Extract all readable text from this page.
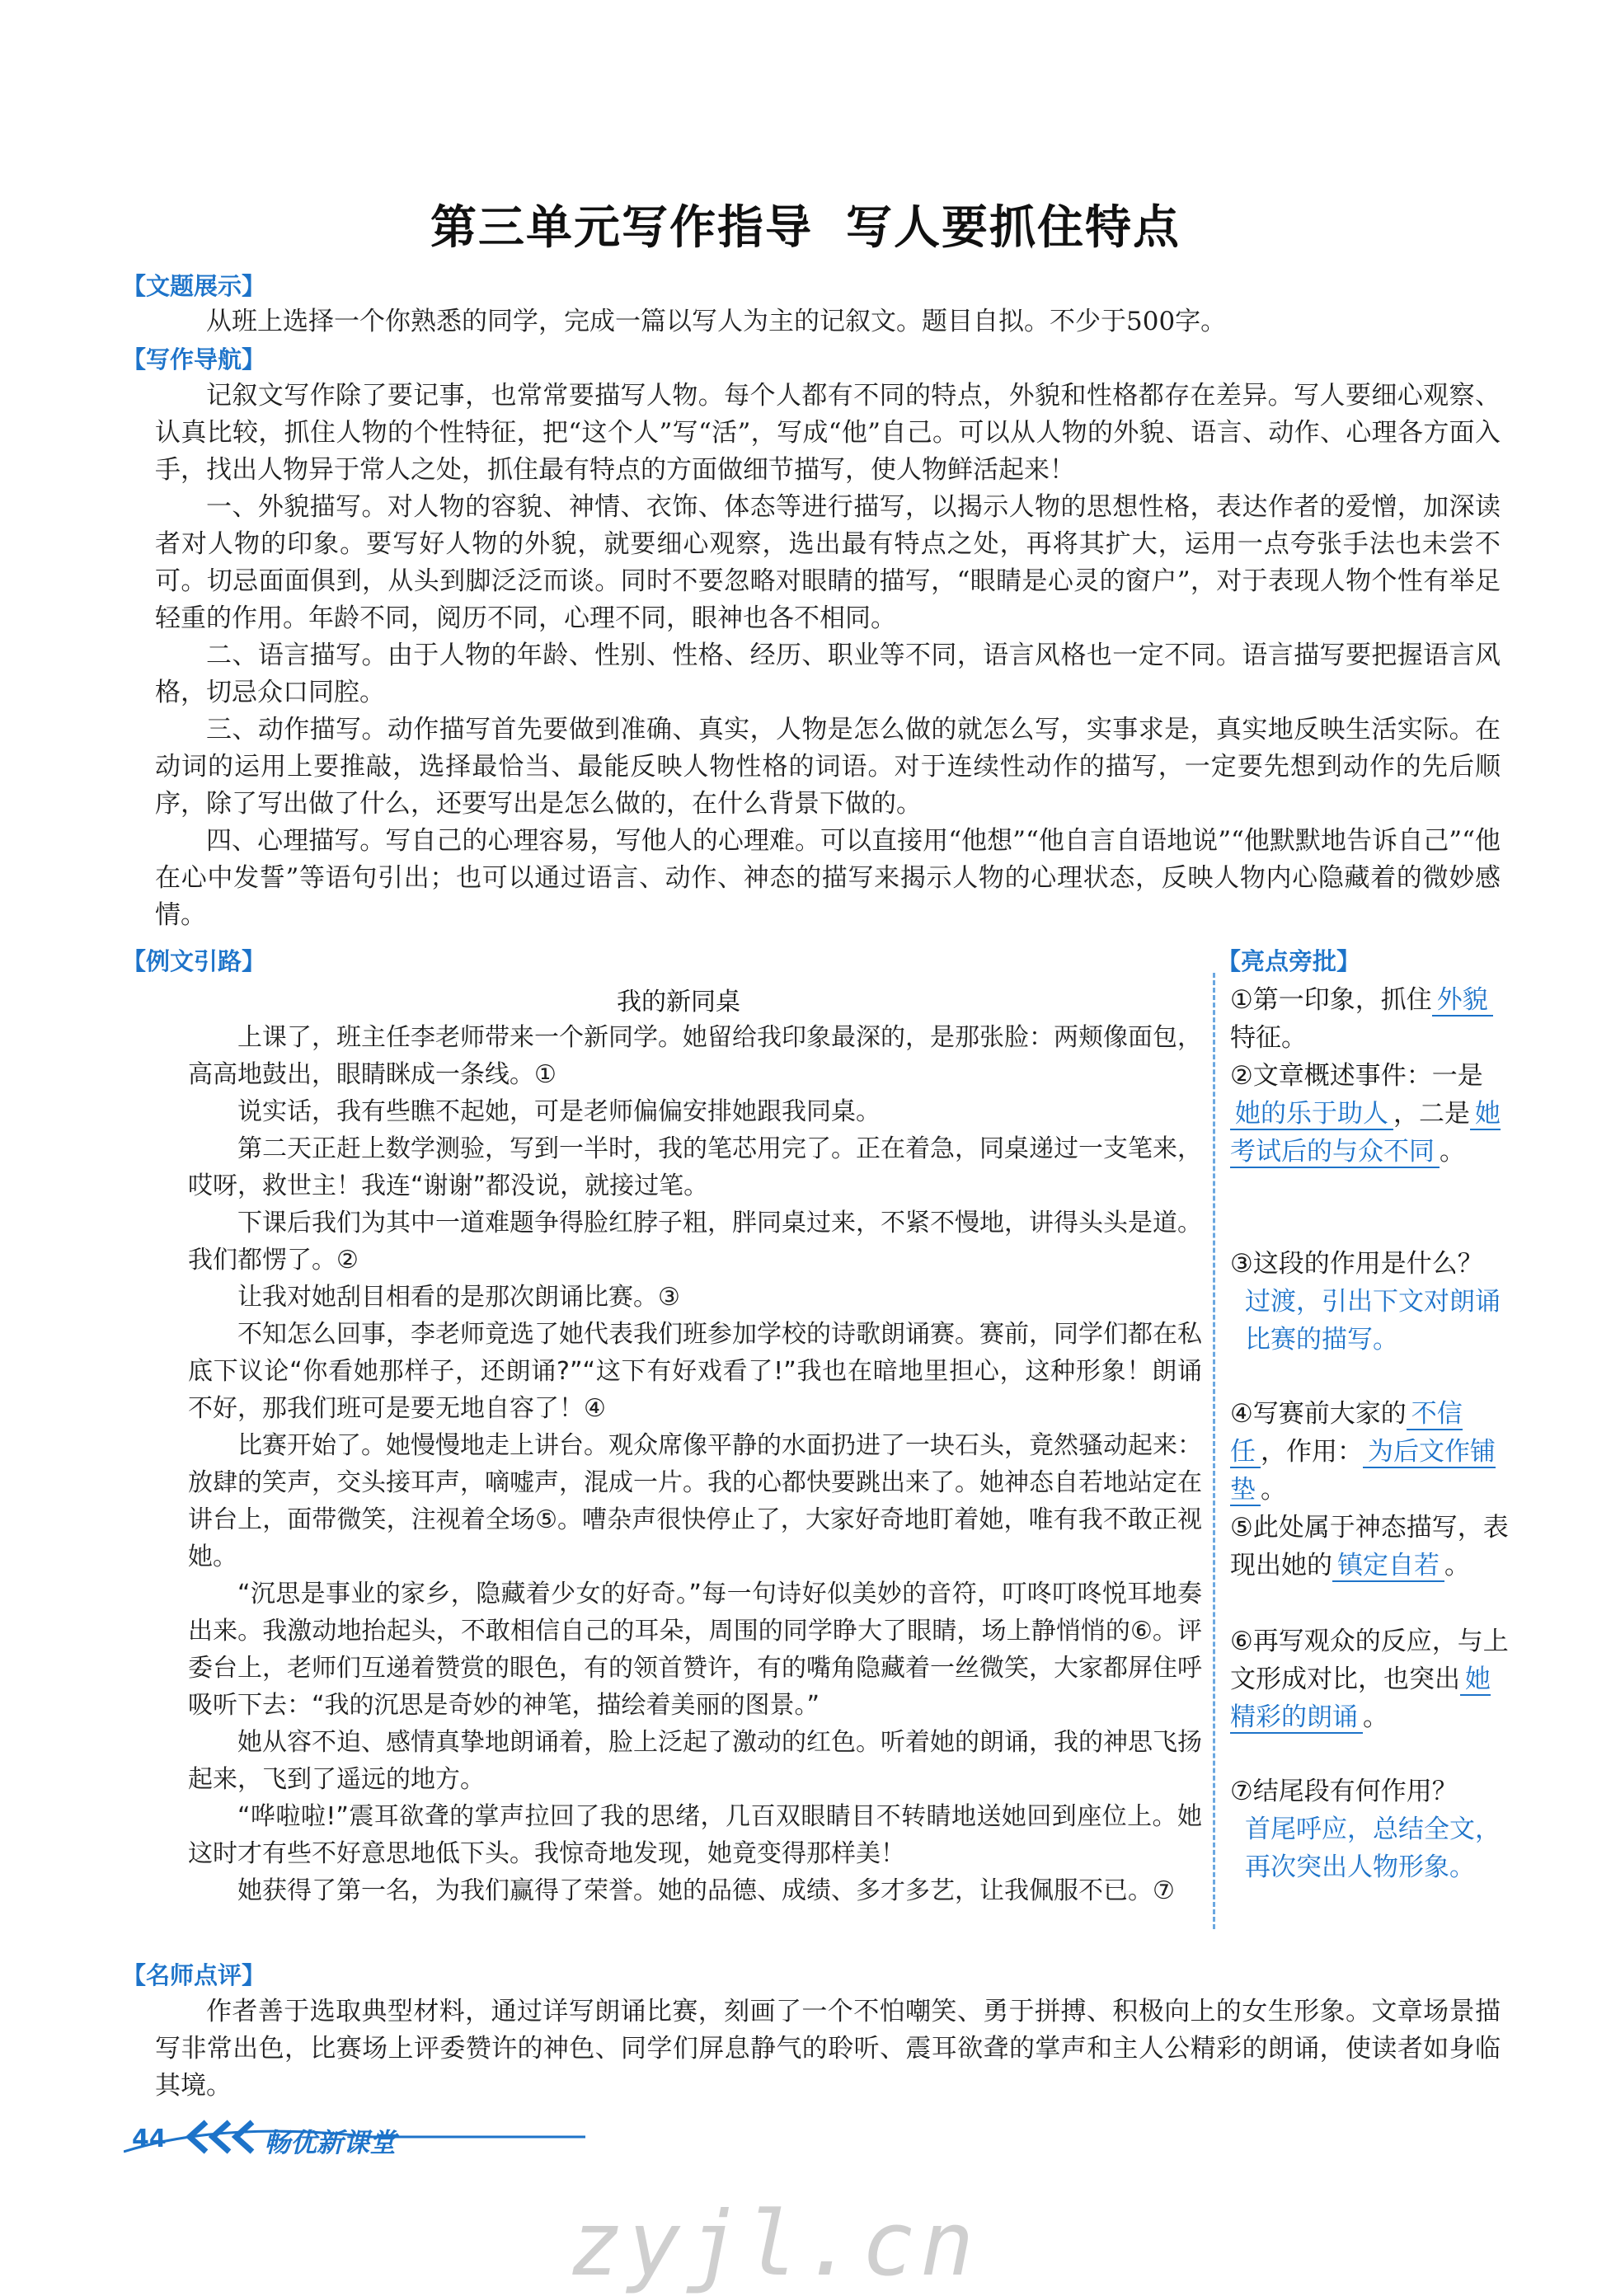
第三单元写作指导 写人要抓住特点
【文题展示】

从班上选择一个你熟悉的同学，完成一篇以写人为主的记叙文。题目自拟。不少于500字。

【写作导航】

记叙文写作除了要记事，也常常要描写人物。每个人都有不同的特点，外貌和性格都存在差异。写人要细心观察、认真比较，抓住人物的个性特征，把“这个人”写“活”，写成“他”自己。可以从人物的外貌、语言、动作、心理各方面入手，找出人物异于常人之处，抓住最有特点的方面做细节描写，使人物鲜活起来！

一、外貌描写。对人物的容貌、神情、衣饰、体态等进行描写，以揭示人物的思想性格，表达作者的爱憎，加深读者对人物的印象。要写好人物的外貌，就要细心观察，选出最有特点之处，再将其扩大，运用一点夸张手法也未尝不可。切忌面面俱到，从头到脚泛泛而谈。同时不要忽略对眼睛的描写，“眼睛是心灵的窗户”，对于表现人物个性有举足轻重的作用。年龄不同，阅历不同，心理不同，眼神也各不相同。

二、语言描写。由于人物的年龄、性别、性格、经历、职业等不同，语言风格也一定不同。语言描写要把握语言风格，切忌众口同腔。

三、动作描写。动作描写首先要做到准确、真实，人物是怎么做的就怎么写，实事求是，真实地反映生活实际。在动词的运用上要推敲，选择最恰当、最能反映人物性格的词语。对于连续性动作的描写，一定要先想到动作的先后顺序，除了写出做了什么，还要写出是怎么做的，在什么背景下做的。

四、心理描写。写自己的心理容易，写他人的心理难。可以直接用“他想”“他自言自语地说”“他默默地告诉自己”“他在心中发誓”等语句引出；也可以通过语言、动作、神态的描写来揭示人物的心理状态，反映人物内心隐藏着的微妙感情。

【例文引路】	【亮点旁批】
我的新同桌

上课了，班主任李老师带来一个新同学。她留给我印象最深的，是那张脸：两颊像面包，高高地鼓出，眼睛眯成一条线。①

说实话，我有些瞧不起她，可是老师偏偏安排她跟我同桌。

第二天正赶上数学测验，写到一半时，我的笔芯用完了。正在着急，同桌递过一支笔来，哎呀，救世主！我连“谢谢”都没说，就接过笔。

下课后我们为其中一道难题争得脸红脖子粗，胖同桌过来，不紧不慢地，讲得头头是道。我们都愣了。②

让我对她刮目相看的是那次朗诵比赛。③

不知怎么回事，李老师竟选了她代表我们班参加学校的诗歌朗诵赛。赛前，同学们都在私底下议论“你看她那样子，还朗诵?”“这下有好戏看了!”我也在暗地里担心，这种形象！朗诵不好，那我们班可是要无地自容了！④

比赛开始了。她慢慢地走上讲台。观众席像平静的水面扔进了一块石头，竟然骚动起来：放肆的笑声，交头接耳声，嘀嘘声，混成一片。我的心都快要跳出来了。她神态自若地站定在讲台上，面带微笑，注视着全场⑤。嘈杂声很快停止了，大家好奇地盯着她，唯有我不敢正视她。

“沉思是事业的家乡，隐藏着少女的好奇。”每一句诗好似美妙的音符，叮咚叮咚悦耳地奏出来。我激动地抬起头，不敢相信自己的耳朵，周围的同学睁大了眼睛，场上静悄悄的⑥。评委台上，老师们互递着赞赏的眼色，有的领首赞许，有的嘴角隐藏着一丝微笑，大家都屏住呼吸听下去：“我的沉思是奇妙的神笔，描绘着美丽的图景。”

她从容不迫、感情真挚地朗诵着，脸上泛起了激动的红色。听着她的朗诵，我的神思飞扬起来，飞到了遥远的地方。

“哗啦啦!”震耳欲聋的掌声拉回了我的思绪，几百双眼睛目不转睛地送她回到座位上。她这时才有些不好意思地低下头。我惊奇地发现，她竟变得那样美！

她获得了第一名，为我们赢得了荣誉。她的品德、成绩、多才多艺，让我佩服不已。⑦

①第一印象，抓住 外貌特征。
②文章概述事件：一是她的乐于助人 ，二是 她考试后的与众不同 。
③这段的作用是什么？
过渡，引出下文对朗诵比赛的描写。
④写赛前大家的 不信任 ，作用： 为后文作铺垫 。
⑤此处属于神态描写，表现出她的 镇定自若 。
⑥再写观众的反应，与上文形成对比，也突出 她精彩的朗诵 。
⑦结尾段有何作用？
首尾呼应，总结全文，再次突出人物形象。
【名师点评】

作者善于选取典型材料，通过详写朗诵比赛，刻画了一个不怕嘲笑、勇于拼搏、积极向上的女生形象。文章场景描写非常出色，比赛场上评委赞许的神色、同学们屏息静气的聆听、震耳欲聋的掌声和主人公精彩的朗诵，使读者如身临其境。

44	畅优新课堂
zyjl.cn
